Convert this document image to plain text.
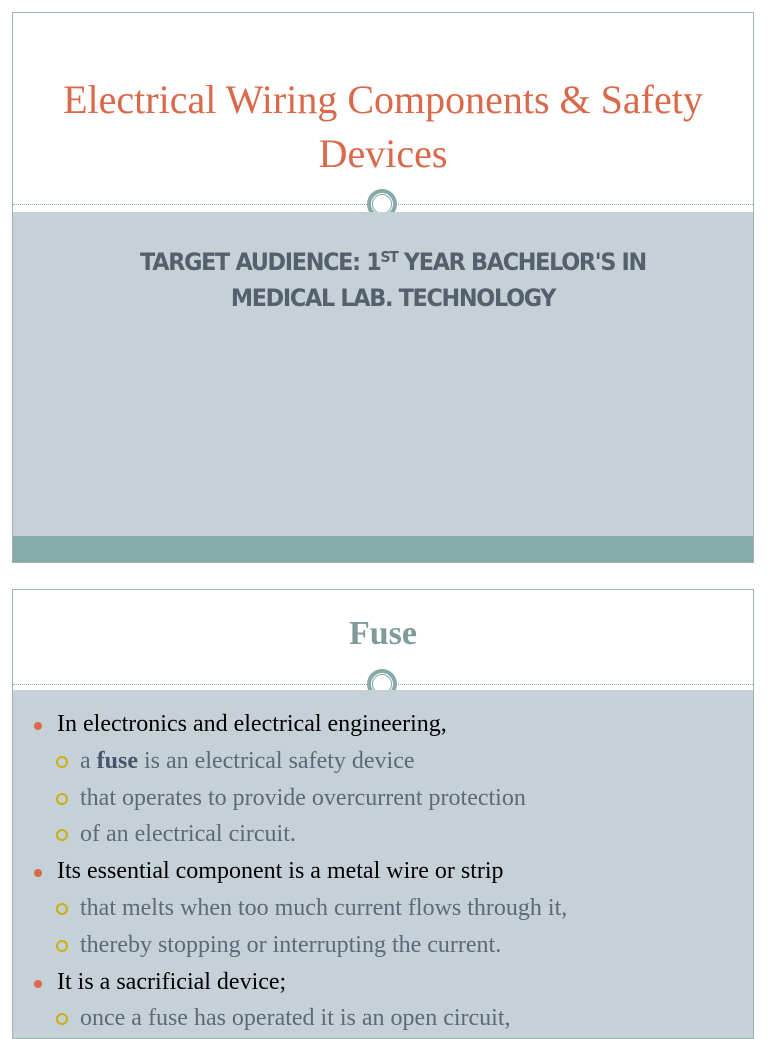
Electrical Wiring Components & Safety Devices
TARGET AUDIENCE: 1ST YEAR BACHELOR'S IN MEDICAL LAB. TECHNOLOGY
Fuse
In electronics and electrical engineering,
a fuse is an electrical safety device
that operates to provide overcurrent protection
of an electrical circuit.
Its essential component is a metal wire or strip
that melts when too much current flows through it,
thereby stopping or interrupting the current.
It is a sacrificial device;
once a fuse has operated it is an open circuit,
